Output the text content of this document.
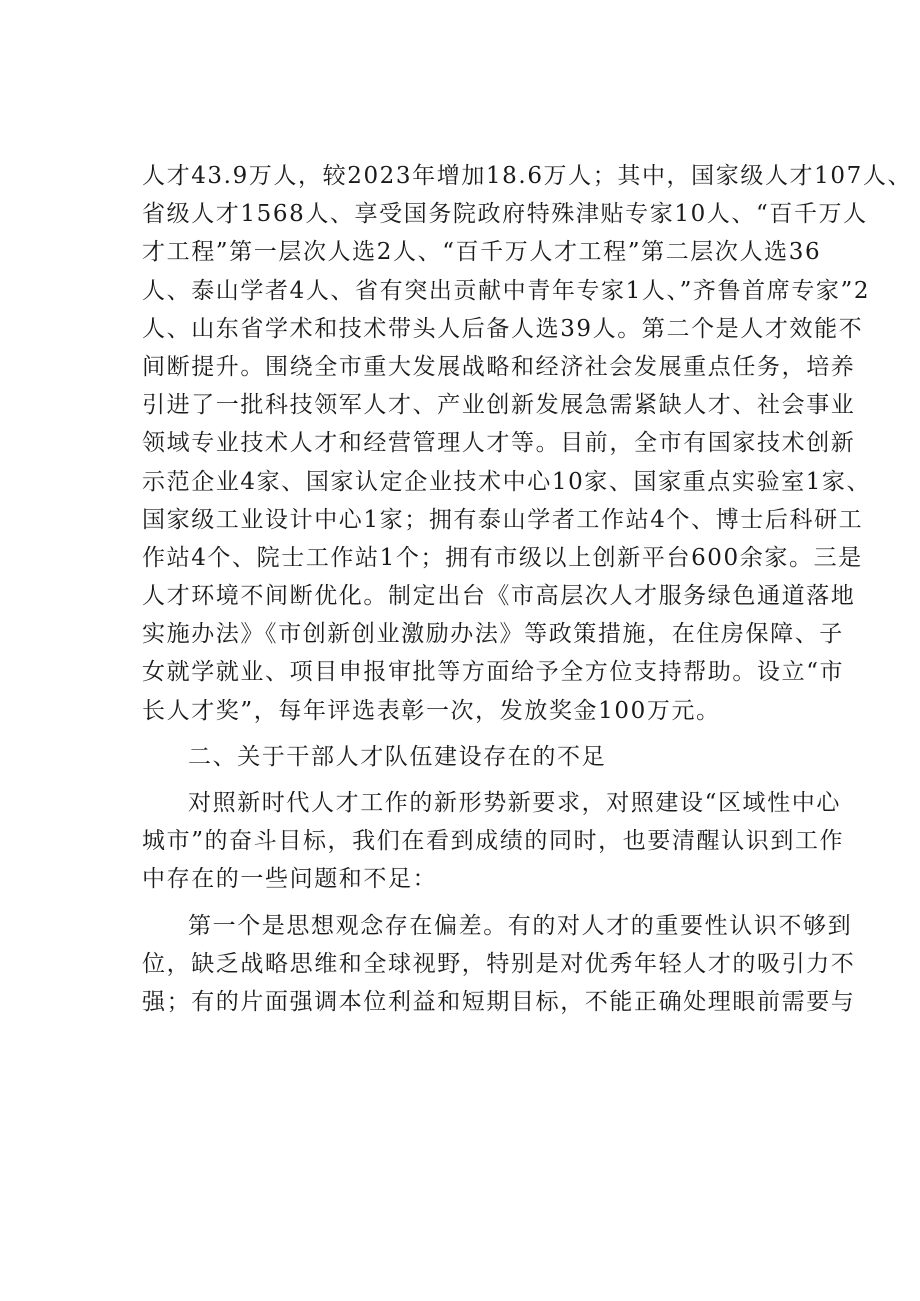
人才43.9万人，较2023年增加18.6万人；其中，国家级人才107人、
省级人才1568人、享受国务院政府特殊津贴专家10人、“百千万人
才工程”第一层次人选2人、“百千万人才工程”第二层次人选36
人、泰山学者4人、省有突出贡献中青年专家1人、”齐鲁首席专家”2
人、山东省学术和技术带头人后备人选39人。第二个是人才效能不
间断提升。围绕全市重大发展战略和经济社会发展重点任务，培养
引进了一批科技领军人才、产业创新发展急需紧缺人才、社会事业
领域专业技术人才和经营管理人才等。目前，全市有国家技术创新
示范企业4家、国家认定企业技术中心10家、国家重点实验室1家、
国家级工业设计中心1家；拥有泰山学者工作站4个、博士后科研工
作站4个、院士工作站1个；拥有市级以上创新平台600余家。三是
人才环境不间断优化。制定出台《市高层次人才服务绿色通道落地
实施办法》《市创新创业激励办法》等政策措施，在住房保障、子
女就学就业、项目申报审批等方面给予全方位支持帮助。设立“市
长人才奖”，每年评选表彰一次，发放奖金100万元。
二、关于干部人才队伍建设存在的不足
对照新时代人才工作的新形势新要求，对照建设“区域性中心
城市”的奋斗目标，我们在看到成绩的同时，也要清醒认识到工作
中存在的一些问题和不足：
第一个是思想观念存在偏差。有的对人才的重要性认识不够到
位，缺乏战略思维和全球视野，特别是对优秀年轻人才的吸引力不
强；有的片面强调本位利益和短期目标，不能正确处理眼前需要与
